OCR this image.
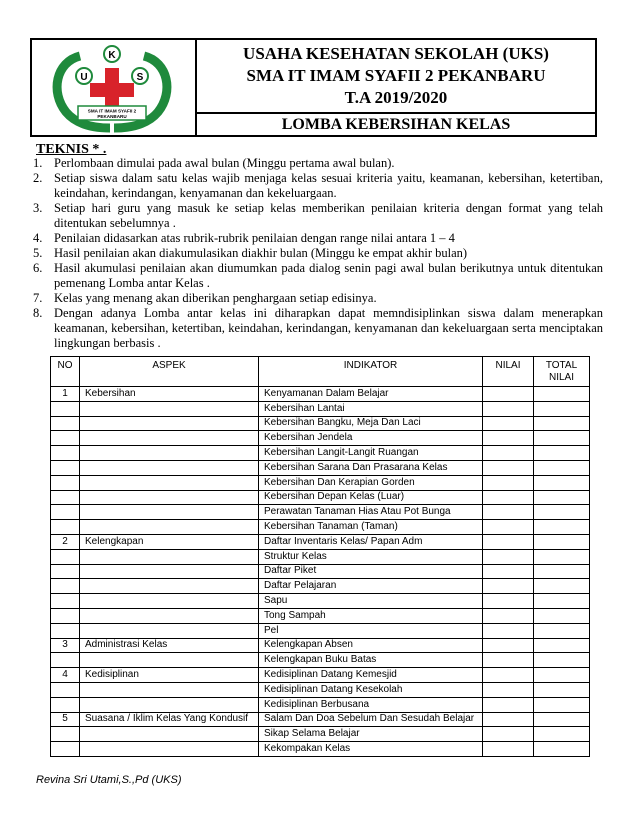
K
U	S
SMA IT IMAM SYAFII 2
PEKANBARU
USAHA KESEHATAN SEKOLAH (UKS)
SMA IT IMAM SYAFII 2 PEKANBARU
T.A 2019/2020
LOMBA KEBERSIHAN KELAS
TEKNIS * .
1. Perlombaan dimulai pada awal bulan (Minggu pertama awal bulan).
2. Setiap siswa dalam satu kelas wajib menjaga kelas sesuai kriteria yaitu, keamanan, kebersihan, ketertiban, keindahan, kerindangan, kenyamanan dan kekeluargaan.
3. Setiap hari guru yang masuk ke setiap kelas memberikan penilaian kriteria dengan format yang telah ditentukan sebelumnya .
4. Penilaian didasarkan atas rubrik-rubrik penilaian dengan range nilai antara 1 – 4
5. Hasil penilaian akan diakumulasikan diakhir bulan (Minggu ke empat akhir bulan)
6. Hasil akumulasi penilaian akan diumumkan pada dialog senin pagi awal bulan berikutnya untuk ditentukan pemenang Lomba antar Kelas .
7. Kelas yang menang akan diberikan penghargaan setiap edisinya.
8. Dengan adanya Lomba antar kelas ini diharapkan dapat memndisiplinkan siswa dalam menerapkan keamanan, kebersihan, ketertiban, keindahan, kerindangan, kenyamanan dan kekeluargaan serta menciptakan lingkungan berbasis .
NO	ASPEK	INDIKATOR	NILAI	TOTAL NILAI
1	Kebersihan	Kenyamanan Dalam Belajar		
		Kebersihan Lantai		
		Kebersihan Bangku, Meja Dan Laci		
		Kebersihan Jendela		
		Kebersihan Langit-Langit Ruangan		
		Kebersihan Sarana Dan Prasarana Kelas		
		Kebersihan Dan Kerapian Gorden		
		Kebersihan Depan Kelas (Luar)		
		Perawatan Tanaman Hias Atau Pot Bunga		
		Kebersihan Tanaman (Taman)		
2	Kelengkapan	Daftar Inventaris Kelas/ Papan Adm		
		Struktur Kelas		
		Daftar Piket		
		Daftar Pelajaran		
		Sapu		
		Tong Sampah		
		Pel		
3	Administrasi Kelas	Kelengkapan Absen		
		Kelengkapan Buku Batas		
4	Kedisiplinan	Kedisiplinan Datang Kemesjid		
		Kedisiplinan Datang Kesekolah		
		Kedisiplinan Berbusana		
5	Suasana / Iklim Kelas Yang Kondusif	Salam Dan Doa Sebelum Dan Sesudah Belajar		
		Sikap Selama Belajar		
		Kekompakan Kelas		
Revina Sri Utami,S.,Pd (UKS)
